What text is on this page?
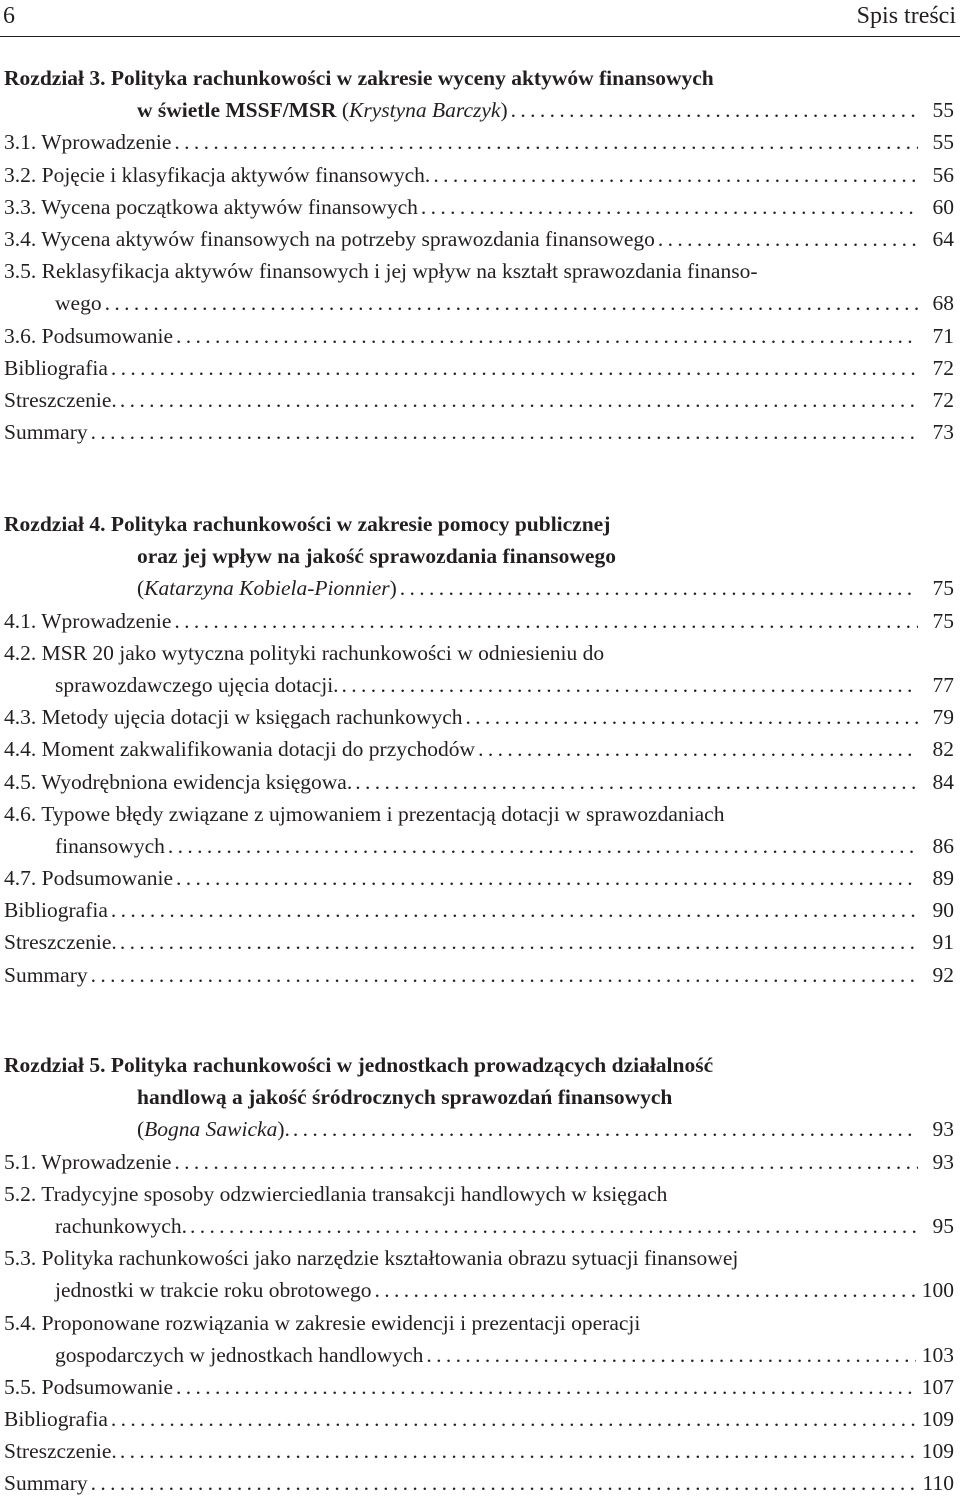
6	Spis treści
Rozdział 3. Polityka rachunkowości w zakresie wyceny aktywów finansowych
w świetle MSSF/MSR (Krystyna Barczyk) . . .	55
3.1. Wprowadzenie . . .	55
3.2. Pojęcie i klasyfikacja aktywów finansowych. . . .	56
3.3. Wycena początkowa aktywów finansowych . . .	60
3.4. Wycena aktywów finansowych na potrzeby sprawozdania finansowego . . .	64
3.5. Reklasyfikacja aktywów finansowych i jej wpływ na kształt sprawozdania finanso-
wego . . .	68
3.6. Podsumowanie . . .	71
Bibliografia . . .	72
Streszczenie. . . .	72
Summary . . .	73
Rozdział 4. Polityka rachunkowości w zakresie pomocy publicznej
oraz jej wpływ na jakość sprawozdania finansowego
(Katarzyna Kobiela-Pionnier) . . .	75
4.1. Wprowadzenie . . .	75
4.2. MSR 20 jako wytyczna polityki rachunkowości w odniesieniu do
sprawozdawczego ujęcia dotacji. . . .	77
4.3. Metody ujęcia dotacji w księgach rachunkowych . . .	79
4.4. Moment zakwalifikowania dotacji do przychodów . . .	82
4.5. Wyodrębniona ewidencja księgowa. . . .	84
4.6. Typowe błędy związane z ujmowaniem i prezentacją dotacji w sprawozdaniach
finansowych . . .	86
4.7. Podsumowanie . . .	89
Bibliografia . . .	90
Streszczenie. . . .	91
Summary . . .	92
Rozdział 5. Polityka rachunkowości w jednostkach prowadzących działalność
handlową a jakość śródrocznych sprawozdań finansowych
(Bogna Sawicka). . . .	93
5.1. Wprowadzenie . . .	93
5.2. Tradycyjne sposoby odzwierciedlania transakcji handlowych w księgach
rachunkowych. . . .	95
5.3. Polityka rachunkowości jako narzędzie kształtowania obrazu sytuacji finansowej
jednostki w trakcie roku obrotowego . . .	100
5.4. Proponowane rozwiązania w zakresie ewidencji i prezentacji operacji
gospodarczych w jednostkach handlowych . . .	103
5.5. Podsumowanie . . .	107
Bibliografia . . .	109
Streszczenie. . . .	109
Summary . . .	110
